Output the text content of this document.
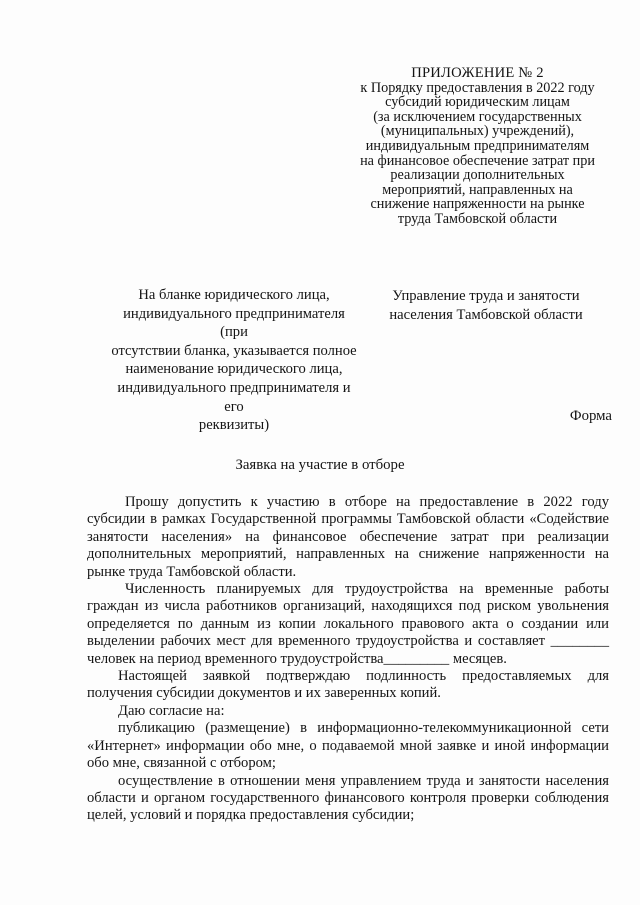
ПРИЛОЖЕНИЕ № 2
к Порядку предоставления в 2022 году
субсидий юридическим лицам
(за исключением государственных
(муниципальных) учреждений),
индивидуальным предпринимателям
на финансовое обеспечение затрат при
реализации дополнительных
мероприятий, направленных на
снижение напряженности на рынке
труда Тамбовской области
На бланке юридического лица,
индивидуального предпринимателя (при
отсутствии бланка, указывается полное
наименование юридического лица,
индивидуального предпринимателя и его
реквизиты)
Управление труда и занятости
населения Тамбовской области
Форма
Заявка на участие в отборе

Прошу допустить к участию в отборе на предоставление в 2022 году субсидии в рамках Государственной программы Тамбовской области «Содействие занятости населения» на финансовое обеспечение затрат при реализации дополнительных мероприятий, направленных на снижение напряженности на рынке труда Тамбовской области.

Численность планируемых для трудоустройства на временные работы граждан из числа работников организаций, находящихся под риском увольнения определяется по данным из копии локального правового акта о создании или выделении рабочих мест для временного трудоустройства и составляет ________ человек на период временного трудоустройства_________ месяцев.

Настоящей заявкой подтверждаю подлинность предоставляемых для получения субсидии документов и их заверенных копий.

Даю согласие на:

публикацию (размещение) в информационно-телекоммуникационной сети «Интернет» информации обо мне, о подаваемой мной заявке и иной информации обо мне, связанной с отбором;

осуществление в отношении меня управлением труда и занятости населения области и органом государственного финансового контроля проверки соблюдения целей, условий и порядка предоставления субсидии;
